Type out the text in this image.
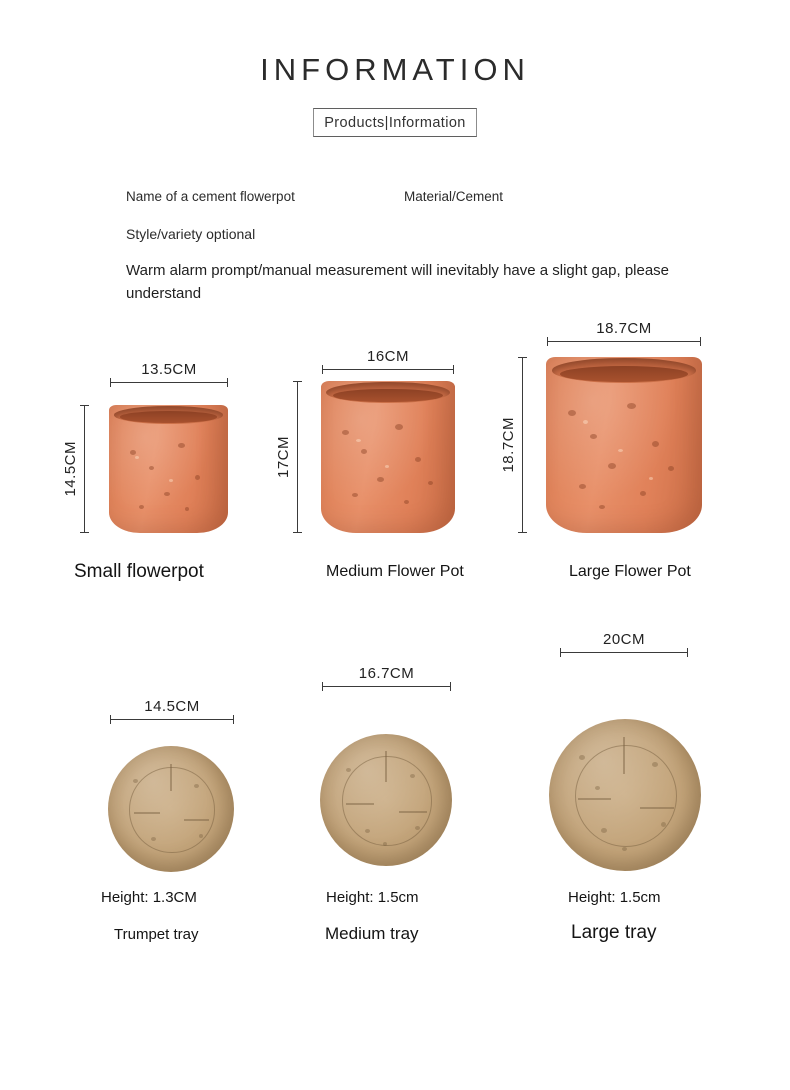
INFORMATION
Products|Information
Name of a cement flowerpot	Material/Cement
Style/variety optional
Warm alarm prompt/manual measurement will inevitably have a slight gap, please understand
13.5CM
14.5CM
Small flowerpot
16CM
17CM
Medium Flower Pot
18.7CM
18.7CM
Large Flower Pot
14.5CM
Height: 1.3CM
Trumpet tray
16.7CM
Height: 1.5cm
Medium tray
20CM
Height: 1.5cm
Large tray
